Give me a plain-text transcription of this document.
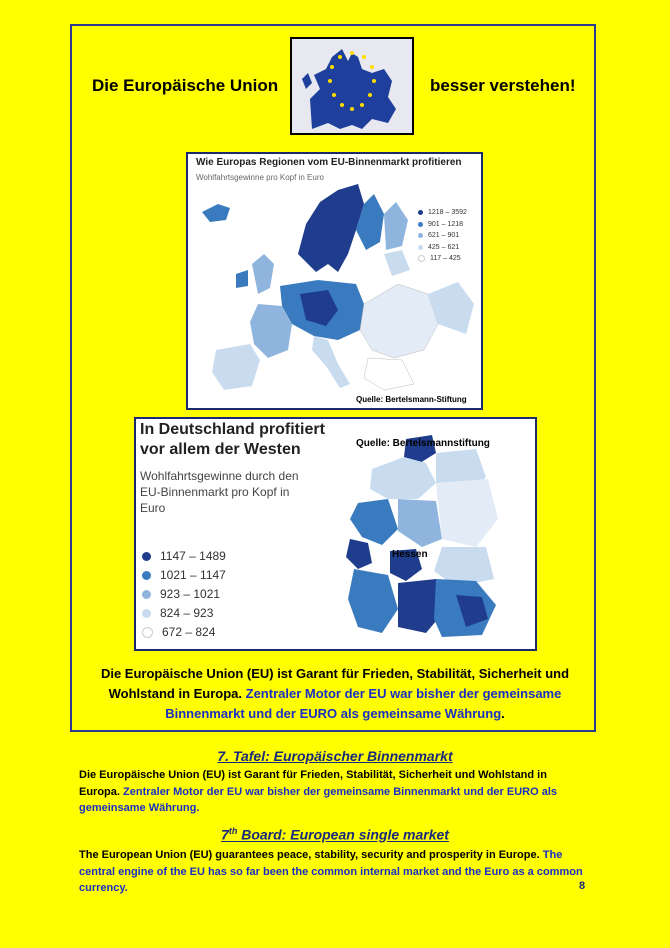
Die Europäische Union	besser verstehen!
Wie Europas Regionen vom EU-Binnenmarkt profitieren
Wohlfahrtsgewinne pro Kopf in Euro
1218 – 3592
901 – 1218
621 – 901
425 – 621
117 – 425
Quelle: Bertelsmann-Stiftung
In Deutschland profitiert vor allem der Westen
Wohlfahrtsgewinne durch den EU-Binnenmarkt pro Kopf in Euro
Quelle: Bertelsmannstiftung
Hessen
1147 – 1489
1021 – 1147
923 – 1021
824 – 923
672 – 824
Die Europäische Union (EU) ist Garant für Frieden, Stabilität, Sicherheit und Wohlstand in Europa. Zentraler Motor der EU war bisher der gemeinsame Binnenmarkt und der EURO als gemeinsame Währung.
7. Tafel: Europäischer Binnenmarkt
Die Europäische Union (EU) ist Garant für Frieden, Stabilität, Sicherheit und Wohlstand in Europa. Zentraler Motor der EU war bisher der gemeinsame Binnenmarkt und der EURO als gemeinsame Währung.
7th Board: European single market
The European Union (EU) guarantees peace, stability, security and prosperity in Europe. The central engine of the EU has so far been the common internal market and the Euro as a common currency.	8
